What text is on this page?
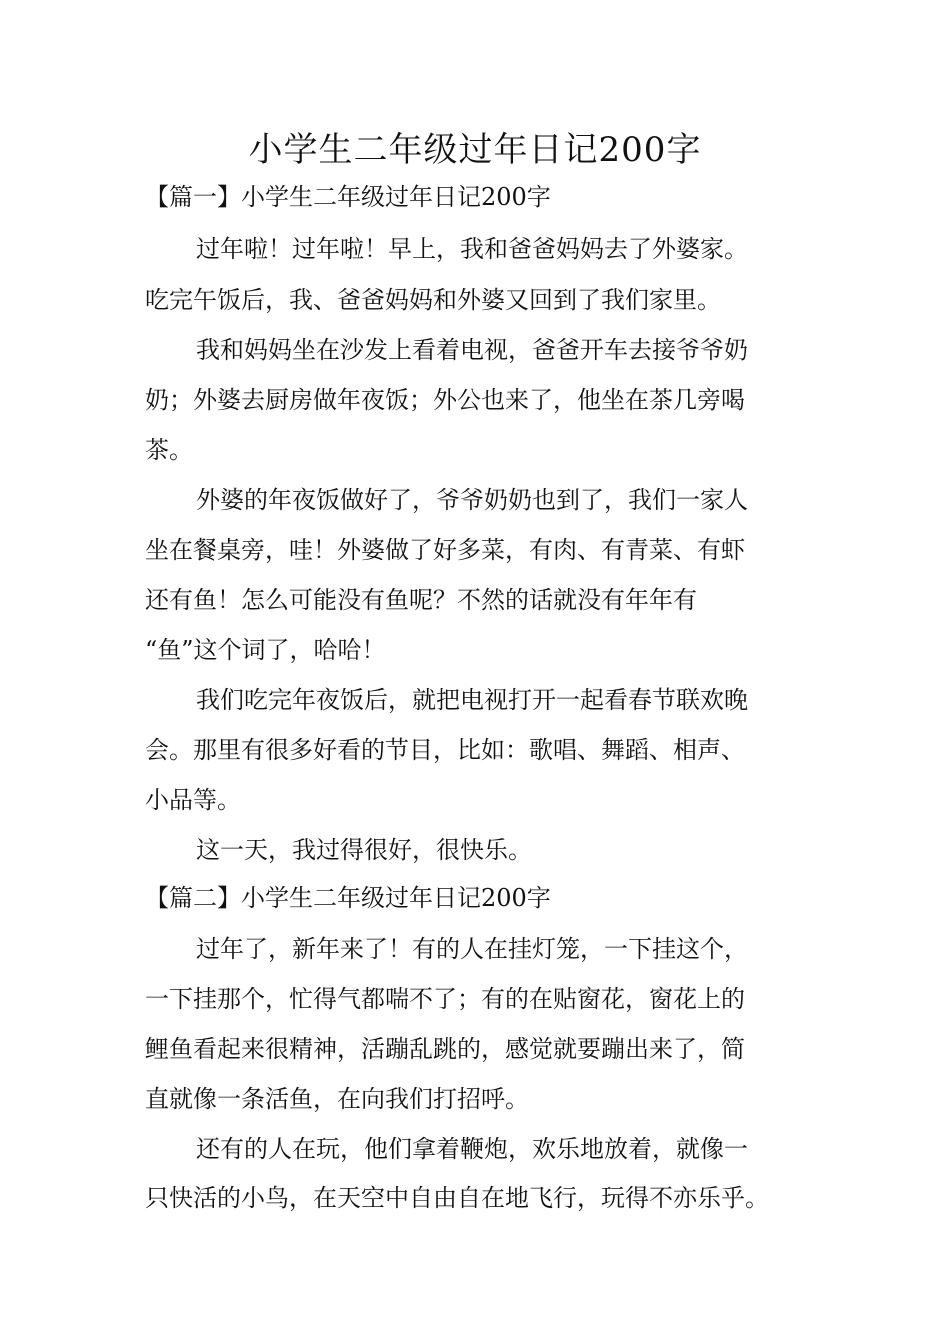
小学生二年级过年日记200字
【篇一】小学生二年级过年日记200字
过年啦！过年啦！早上，我和爸爸妈妈去了外婆家。
吃完午饭后，我、爸爸妈妈和外婆又回到了我们家里。
我和妈妈坐在沙发上看着电视，爸爸开车去接爷爷奶
奶；外婆去厨房做年夜饭；外公也来了，他坐在茶几旁喝
茶。
外婆的年夜饭做好了，爷爷奶奶也到了，我们一家人
坐在餐桌旁，哇！外婆做了好多菜，有肉、有青菜、有虾
还有鱼！怎么可能没有鱼呢？不然的话就没有年年有
“鱼”这个词了，哈哈！
我们吃完年夜饭后，就把电视打开一起看春节联欢晚
会。那里有很多好看的节目，比如：歌唱、舞蹈、相声、
小品等。
这一天，我过得很好，很快乐。
【篇二】小学生二年级过年日记200字
过年了，新年来了！有的人在挂灯笼，一下挂这个，
一下挂那个，忙得气都喘不了；有的在贴窗花，窗花上的
鲤鱼看起来很精神，活蹦乱跳的，感觉就要蹦出来了，简
直就像一条活鱼，在向我们打招呼。
还有的人在玩，他们拿着鞭炮，欢乐地放着，就像一
只快活的小鸟，在天空中自由自在地飞行，玩得不亦乐乎。
